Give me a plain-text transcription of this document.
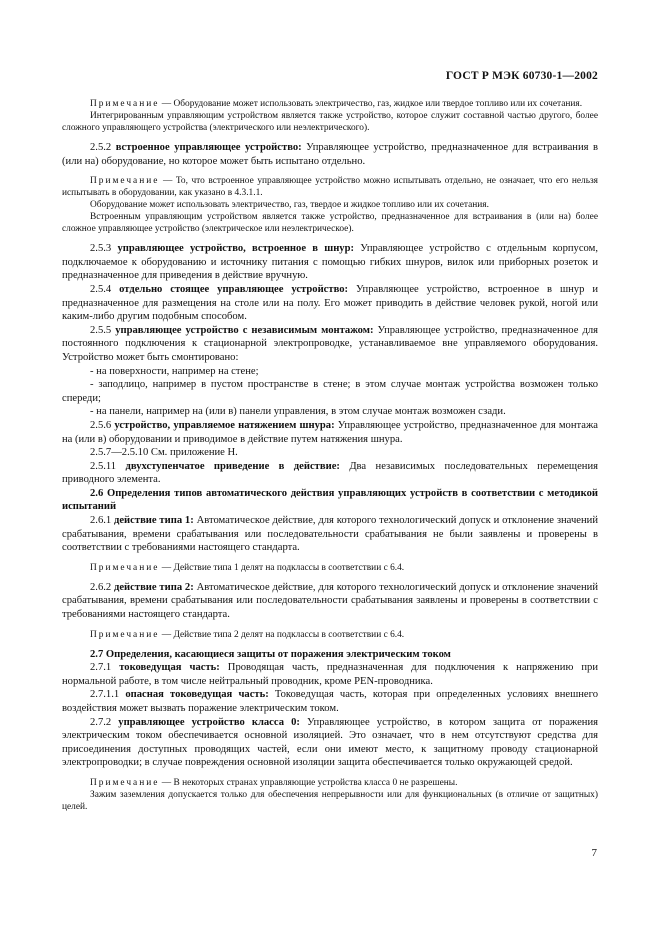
ГОСТ Р МЭК 60730-1—2002

Примечание — Оборудование может использовать электричество, газ, жидкое или твердое топливо или их сочетания.

Интегрированным управляющим устройством является также устройство, которое служит составной частью другого, более сложного управляющего устройства (электрического или неэлектрического).

2.5.2 встроенное управляющее устройство: Управляющее устройство, предназначенное для встраивания в (или на) оборудование, но которое может быть испытано отдельно.

Примечание — То, что встроенное управляющее устройство можно испытывать отдельно, не означает, что его нельзя испытывать в оборудовании, как указано в 4.3.1.1.

Оборудование может использовать электричество, газ, твердое и жидкое топливо или их сочетания.

Встроенным управляющим устройством является также устройство, предназначенное для встраивания в (или на) более сложное управляющее устройство (электрическое или неэлектрическое).

2.5.3 управляющее устройство, встроенное в шнур: Управляющее устройство с отдельным корпусом, подключаемое к оборудованию и источнику питания с помощью гибких шнуров, вилок или приборных розеток и предназначенное для приведения в действие вручную.

2.5.4 отдельно стоящее управляющее устройство: Управляющее устройство, встроенное в шнур и предназначенное для размещения на столе или на полу. Его может приводить в действие человек рукой, ногой или каким-либо другим подобным способом.

2.5.5 управляющее устройство с независимым монтажом: Управляющее устройство, предназначенное для постоянного подключения к стационарной электропроводке, устанавливаемое вне управляемого оборудования. Устройство может быть смонтировано:

- на поверхности, например на стене;

- заподлицо, например в пустом пространстве в стене; в этом случае монтаж устройства возможен только спереди;

- на панели, например на (или в) панели управления, в этом случае монтаж возможен сзади.

2.5.6 устройство, управляемое натяжением шнура: Управляющее устройство, предназначенное для монтажа на (или в) оборудовании и приводимое в действие путем натяжения шнура.

2.5.7—2.5.10 См. приложение Н.

2.5.11 двухступенчатое приведение в действие: Два независимых последовательных перемещения приводного элемента.

2.6 Определения типов автоматического действия управляющих устройств в соответствии с методикой испытаний

2.6.1 действие типа 1: Автоматическое действие, для которого технологический допуск и отклонение значений срабатывания, времени срабатывания или последовательности срабатывания не были заявлены и проверены в соответствии с требованиями настоящего стандарта.

Примечание — Действие типа 1 делят на подклассы в соответствии с 6.4.

2.6.2 действие типа 2: Автоматическое действие, для которого технологический допуск и отклонение значений срабатывания, времени срабатывания или последовательности срабатывания заявлены и проверены в соответствии с требованиями настоящего стандарта.

Примечание — Действие типа 2 делят на подклассы в соответствии с 6.4.

2.7 Определения, касающиеся защиты от поражения электрическим током

2.7.1 токоведущая часть: Проводящая часть, предназначенная для подключения к напряжению при нормальной работе, в том числе нейтральный проводник, кроме PEN-проводника.

2.7.1.1 опасная токоведущая часть: Токоведущая часть, которая при определенных условиях внешнего воздействия может вызвать поражение электрическим током.

2.7.2 управляющее устройство класса 0: Управляющее устройство, в котором защита от поражения электрическим током обеспечивается основной изоляцией. Это означает, что в нем отсутствуют средства для присоединения доступных проводящих частей, если они имеют место, к защитному проводу стационарной электропроводки; в случае повреждения основной изоляции защита обеспечивается только окружающей средой.

Примечание — В некоторых странах управляющие устройства класса 0 не разрешены.

Зажим заземления допускается только для обеспечения непрерывности или для функциональных (в отличие от защитных) целей.

7
